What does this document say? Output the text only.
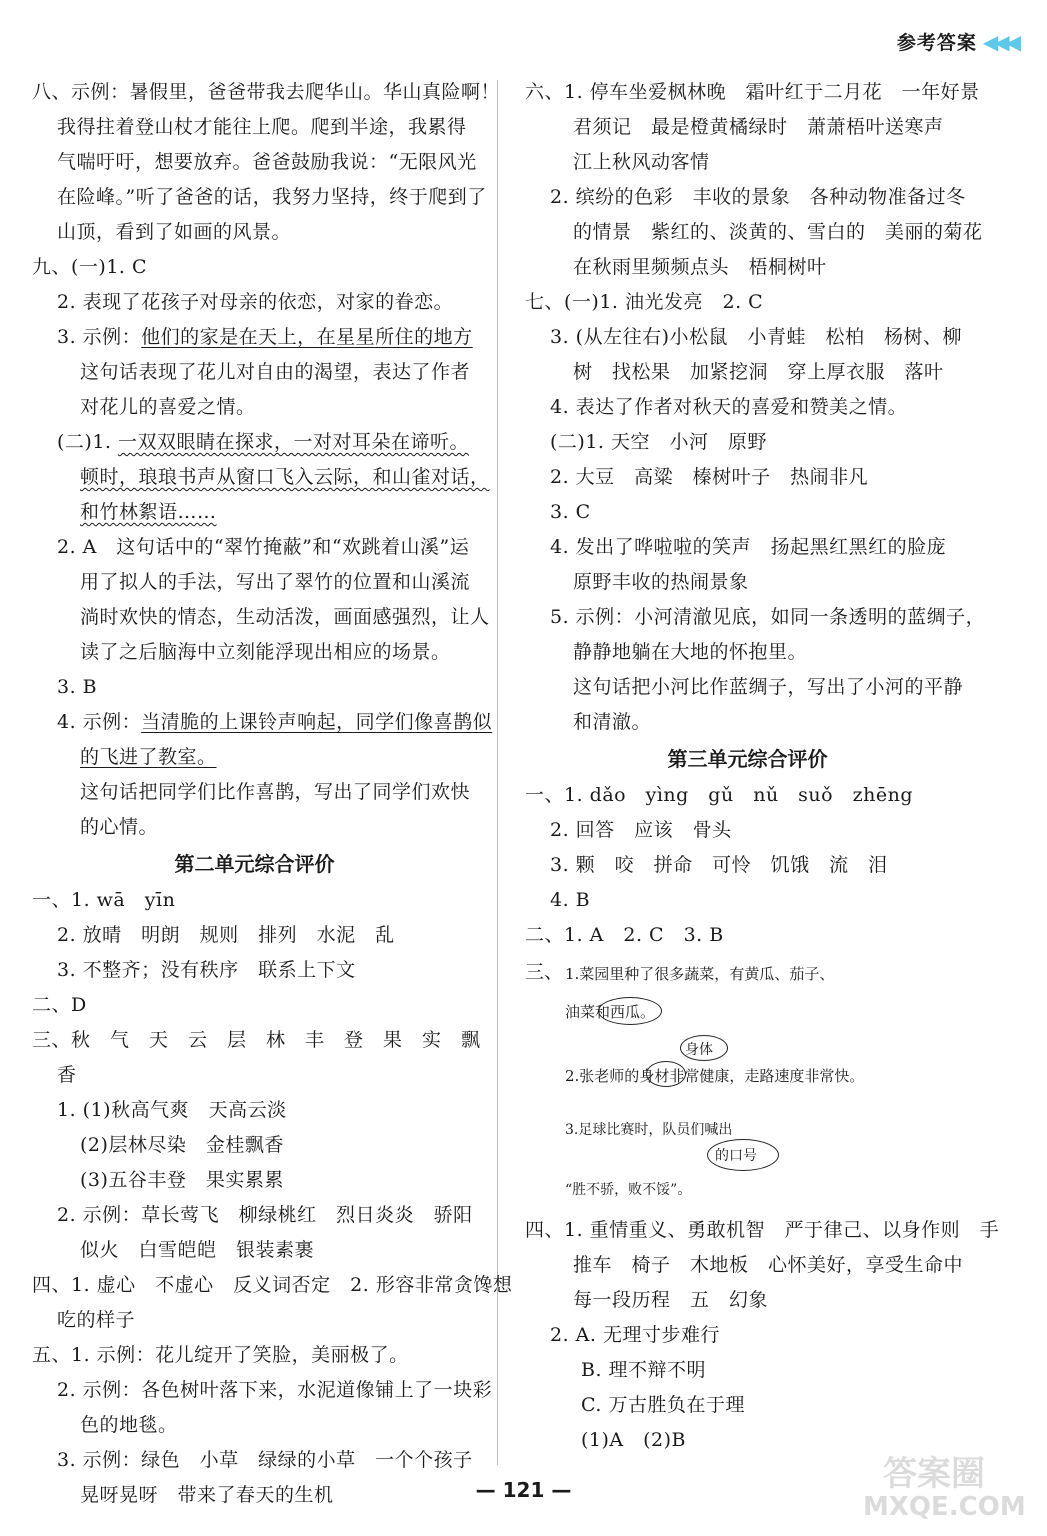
参考答案 ◀◀◀
八、示例：暑假里，爸爸带我去爬华山。华山真险啊！
我得拄着登山杖才能往上爬。爬到半途，我累得
气喘吁吁，想要放弃。爸爸鼓励我说：“无限风光
在险峰。”听了爸爸的话，我努力坚持，终于爬到了
山顶，看到了如画的风景。
九、(一)1. C
2. 表现了花孩子对母亲的依恋，对家的眷恋。
3. 示例：他们的家是在天上，在星星所住的地方
这句话表现了花儿对自由的渴望，表达了作者
对花儿的喜爱之情。
(二)1. 一双双眼睛在探求，一对对耳朵在谛听。
顿时，琅琅书声从窗口飞入云际，和山雀对话，
和竹林絮语……
2. A　这句话中的“翠竹掩蔽”和“欢跳着山溪”运
用了拟人的手法，写出了翠竹的位置和山溪流
淌时欢快的情态，生动活泼，画面感强烈，让人
读了之后脑海中立刻能浮现出相应的场景。
3. B
4. 示例：当清脆的上课铃声响起，同学们像喜鹊似
的飞进了教室。
这句话把同学们比作喜鹊，写出了同学们欢快
的心情。
第二单元综合评价
一、1. wā　yīn
2. 放晴　明朗　规则　排列　水泥　乱
3. 不整齐；没有秩序　联系上下文
二、D
三、秋　气　天　云　层　林　丰　登　果　实　飘
香
1. (1)秋高气爽　天高云淡
(2)层林尽染　金桂飘香
(3)五谷丰登　果实累累
2. 示例：草长莺飞　柳绿桃红　烈日炎炎　骄阳
似火　白雪皑皑　银装素裹
四、1. 虚心　不虚心　反义词否定　2. 形容非常贪馋想
吃的样子
五、1. 示例：花儿绽开了笑脸，美丽极了。
2. 示例：各色树叶落下来，水泥道像铺上了一块彩
色的地毯。
3. 示例：绿色　小草　绿绿的小草　一个个孩子
晃呀晃呀　带来了春天的生机
六、1. 停车坐爱枫林晚　霜叶红于二月花　一年好景
君须记　最是橙黄橘绿时　萧萧梧叶送寒声
江上秋风动客情
2. 缤纷的色彩　丰收的景象　各种动物准备过冬
的情景　紫红的、淡黄的、雪白的　美丽的菊花
在秋雨里频频点头　梧桐树叶
七、(一)1. 油光发亮　2. C
3. (从左往右)小松鼠　小青蛙　松柏　杨树、柳
树　找松果　加紧挖洞　穿上厚衣服　落叶
4. 表达了作者对秋天的喜爱和赞美之情。
(二)1. 天空　小河　原野
2. 大豆　高粱　榛树叶子　热闹非凡
3. C
4. 发出了哗啦啦的笑声　扬起黑红黑红的脸庞
原野丰收的热闹景象
5. 示例：小河清澈见底，如同一条透明的蓝绸子，
静静地躺在大地的怀抱里。
这句话把小河比作蓝绸子，写出了小河的平静
和清澈。
第三单元综合评价
一、1. dǎo　yìng　gǔ　nǔ　suǒ　zhēng
2. 回答　应该　骨头
3. 颗　咬　拼命　可怜　饥饿　流　泪
4. B
二、1. A　2. C　3. B
三、 1.菜园里种了很多蔬菜，有黄瓜、茄子、
油菜和西瓜。
身体
2.张老师的身材非常健康，走路速度非常快。
3.足球比赛时，队员们喊出
的口号
“胜不骄，败不馁”。
四、1. 重情重义、勇敢机智　严于律己、以身作则　手
推车　椅子　木地板　心怀美好，享受生命中
每一段历程　五　幻象
2. A. 无理寸步难行
B. 理不辩不明
C. 万古胜负在于理
(1)A　(2)B
— 121 —	答案圈
MXQE.COM
